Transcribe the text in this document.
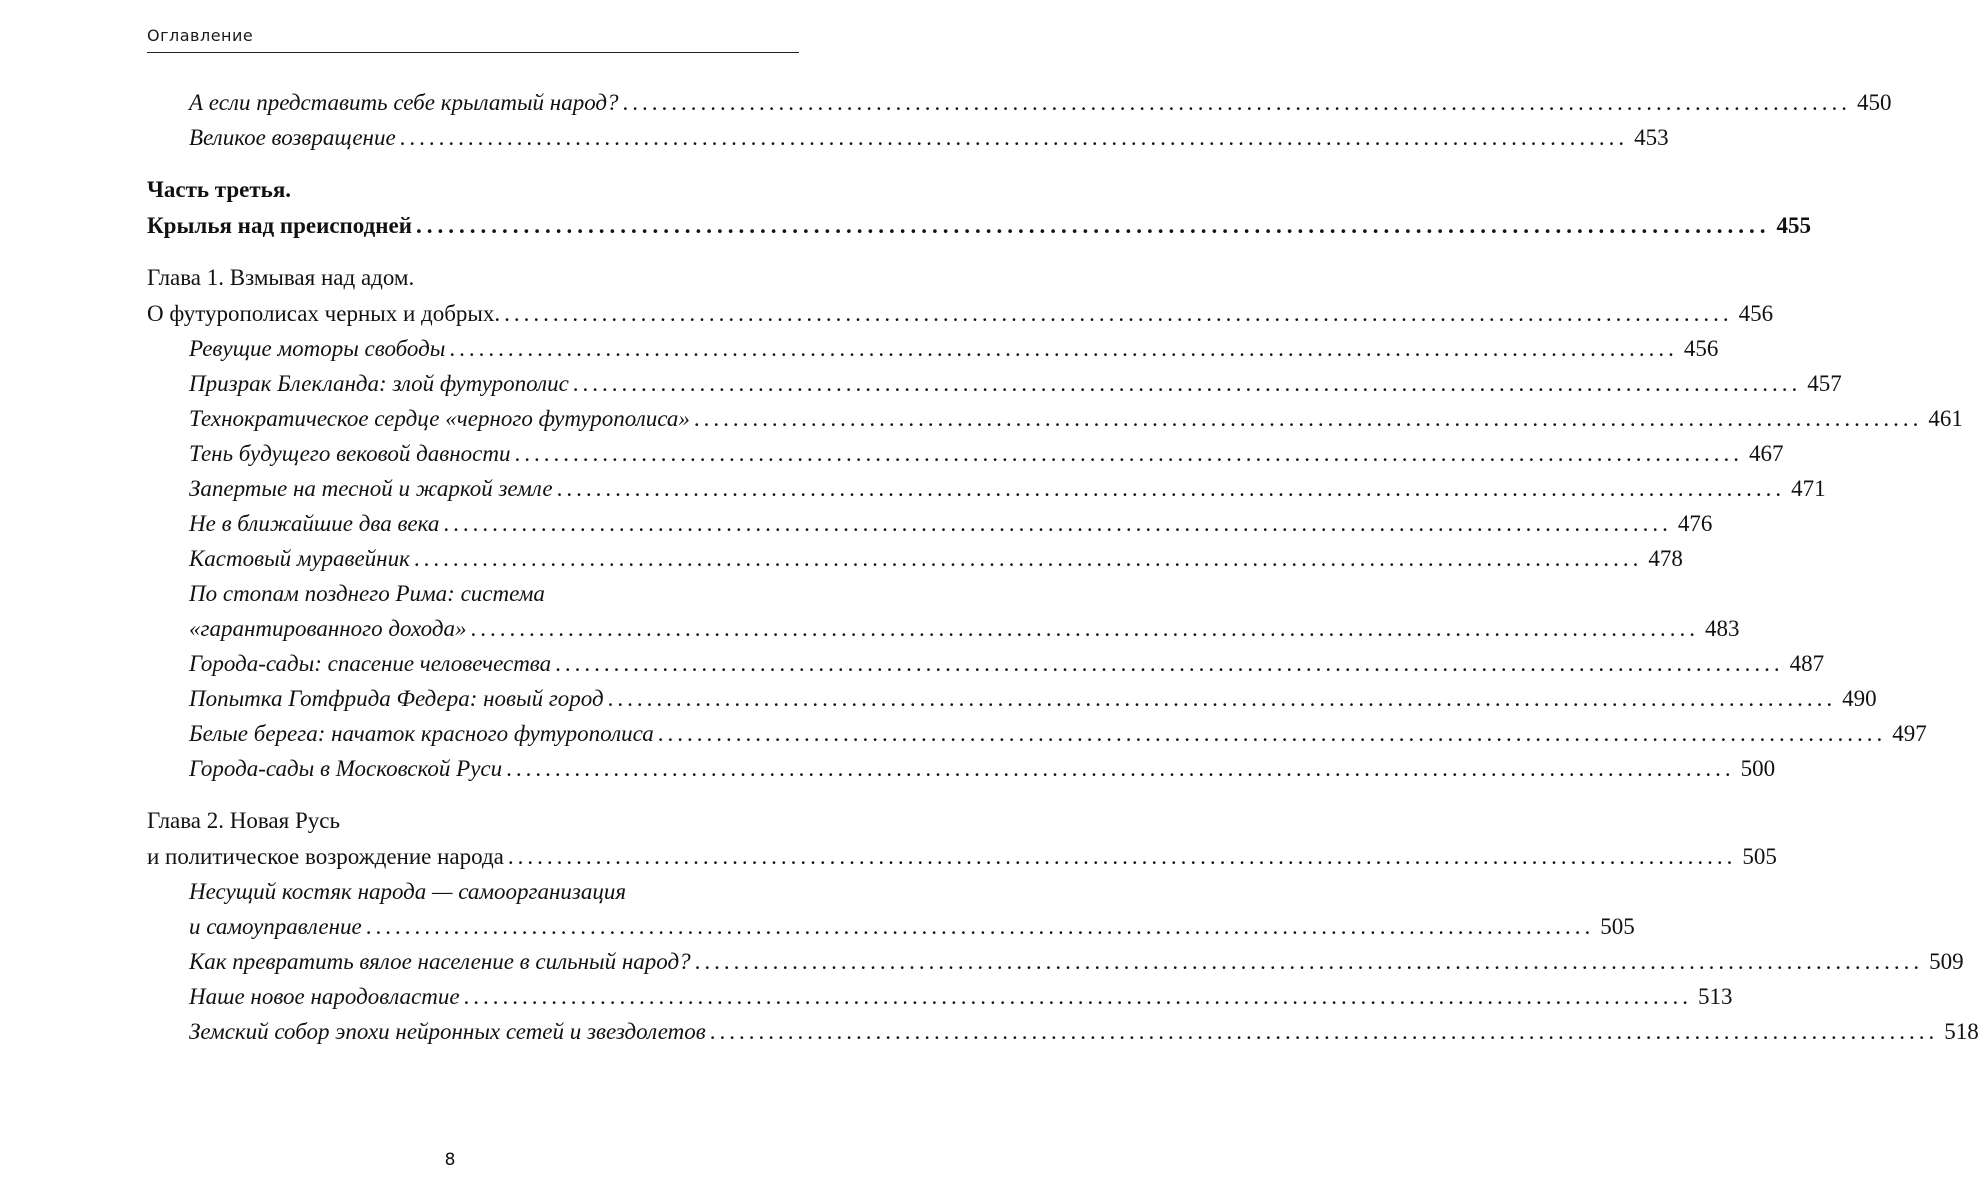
Оглавление
А если представить себе крылатый народ? .............................................................................................................................. 450
Великое возвращение .............................................................................................................................. 453
Часть третья.
Крылья над преисподней .............................................................................................................................. 455
Глава 1. Взмывая над адом.
О футурополисах черных и добрых. .............................................................................................................................. 456
Ревущие моторы свободы .............................................................................................................................. 456
Призрак Блекланда: злой футурополис .............................................................................................................................. 457
Технократическое сердце «черного футурополиса» .............................................................................................................................. 461
Тень будущего вековой давности .............................................................................................................................. 467
Запертые на тесной и жаркой земле .............................................................................................................................. 471
Не в ближайшие два века .............................................................................................................................. 476
Кастовый муравейник .............................................................................................................................. 478
По стопам позднего Рима: система
«гарантированного дохода» .............................................................................................................................. 483
Города-сады: спасение человечества .............................................................................................................................. 487
Попытка Готфрида Федера: новый город .............................................................................................................................. 490
Белые берега: начаток красного футурополиса .............................................................................................................................. 497
Города-сады в Московской Руси .............................................................................................................................. 500
Глава 2. Новая Русь
и политическое возрождение народа .............................................................................................................................. 505
Несущий костяк народа — самоорганизация
и самоуправление .............................................................................................................................. 505
Как превратить вялое население в сильный народ? .............................................................................................................................. 509
Наше новое народовластие .............................................................................................................................. 513
Земский собор эпохи нейронных сетей и звездолетов .............................................................................................................................. 518
8
